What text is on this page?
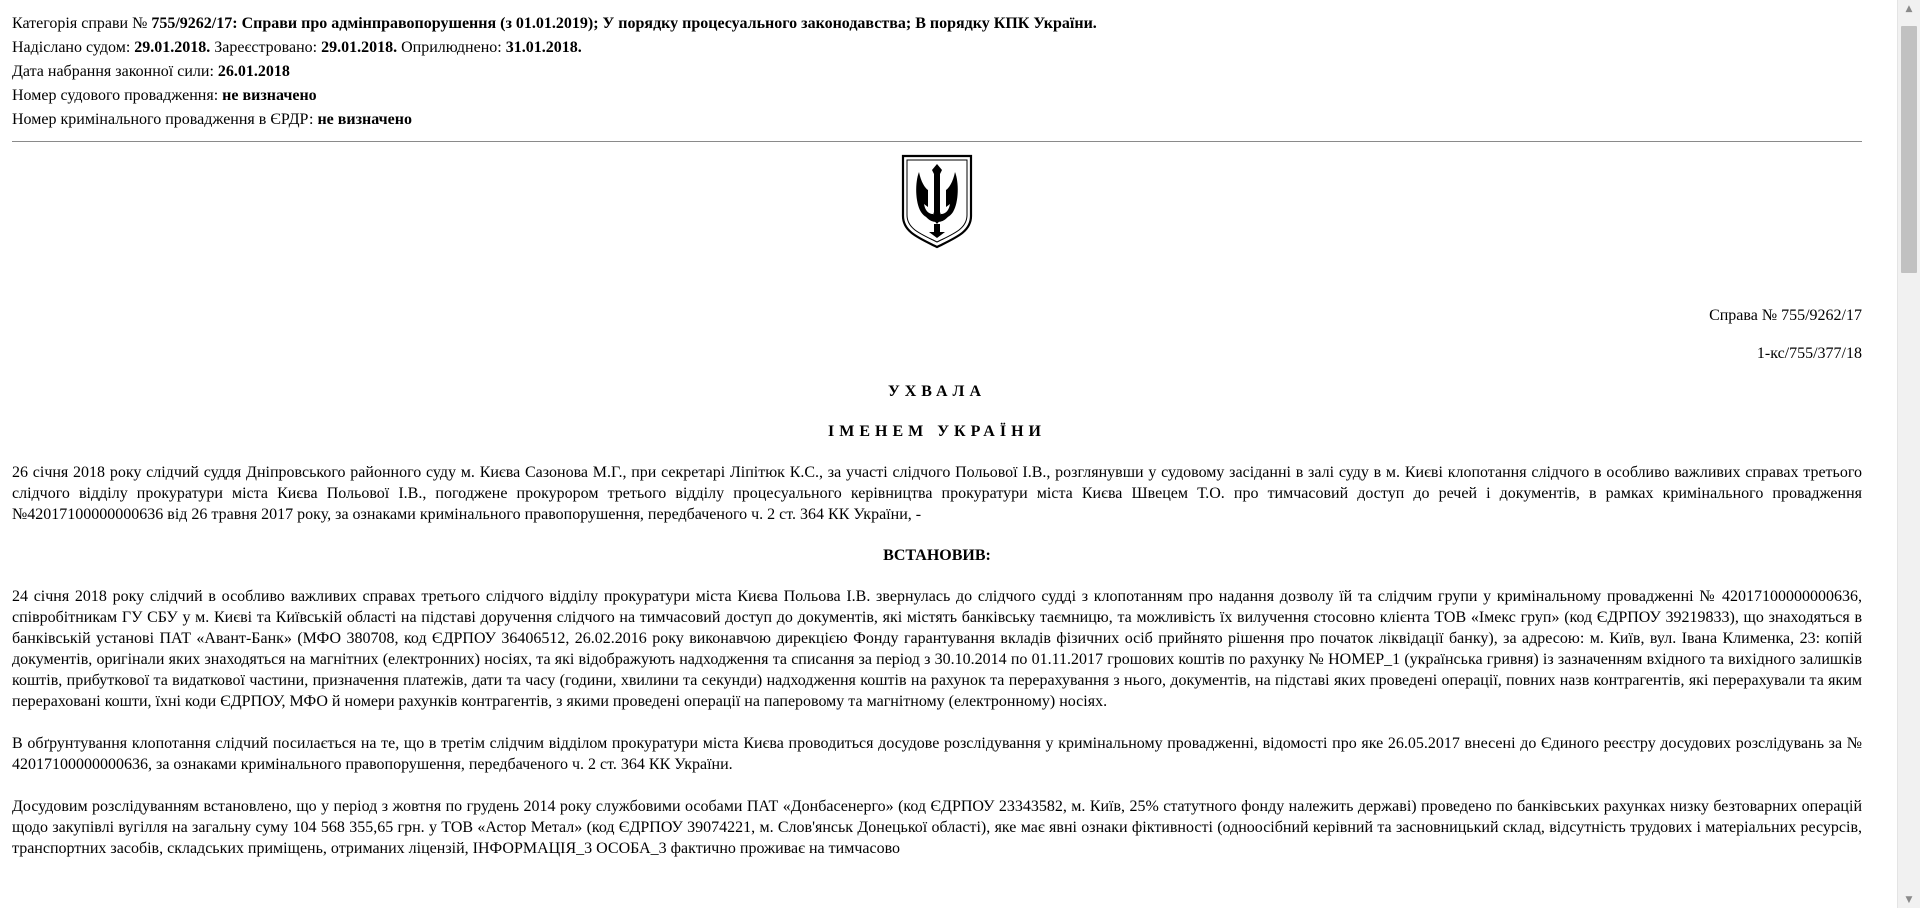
Категорія справи № 755/9262/17: Справи про адмінправопорушення (з 01.01.2019); У порядку процесуального законодавства; В порядку КПК України.
Надіслано судом: 29.01.2018. Зареєстровано: 29.01.2018. Оприлюднено: 31.01.2018.
Дата набрання законної сили: 26.01.2018
Номер судового провадження: не визначено
Номер кримінального провадження в ЄРДР: не визначено
Справа № 755/9262/17
1-кс/755/377/18
УХВАЛА
ІМЕНЕМ УКРАЇНИ

26 січня 2018 року слідчий суддя Дніпровського районного суду м. Києва Сазонова М.Г., при секретарі Ліпітюк К.С., за участі слідчого Польової І.В., розглянувши у судовому засіданні в залі суду в м. Києві клопотання слідчого в особливо важливих справах третього слідчого відділу прокуратури міста Києва Польової І.В., погоджене прокурором третього відділу процесуального керівництва прокуратури міста Києва Швецем Т.О. про тимчасовий доступ до речей і документів, в рамках кримінального провадження №42017100000000636 від 26 травня 2017 року, за ознаками кримінального правопорушення, передбаченого ч. 2 ст. 364 КК України, -

ВСТАНОВИВ:

24 січня 2018 року слідчий в особливо важливих справах третього слідчого відділу прокуратури міста Києва Польова І.В. звернулась до слідчого судді з клопотанням про надання дозволу їй та слідчим групи у кримінальному провадженні № 42017100000000636, співробітникам ГУ СБУ у м. Києві та Київській області на підставі доручення слідчого на тимчасовий доступ до документів, які містять банківську таємницю, та можливість їх вилучення стосовно клієнта ТОВ «Імекс груп» (код ЄДРПОУ 39219833), що знаходяться в банківській установі ПАТ «Авант-Банк» (МФО 380708, код ЄДРПОУ 36406512, 26.02.2016 року виконавчою дирекцією Фонду гарантування вкладів фізичних осіб прийнято рішення про початок ліквідації банку), за адресою: м. Київ, вул. Івана Клименка, 23: копій документів, оригінали яких знаходяться на магнітних (електронних) носіях, та які відображують надходження та списання за період з 30.10.2014 по 01.11.2017 грошових коштів по рахунку № НОМЕР_1 (українська гривня) із зазначенням вхідного та вихідного залишків коштів, прибуткової та видаткової частини, призначення платежів, дати та часу (години, хвилини та секунди) надходження коштів на рахунок та перерахування з нього, документів, на підставі яких проведені операції, повних назв контрагентів, які перерахували та яким перераховані кошти, їхні коди ЄДРПОУ, МФО й номери рахунків контрагентів, з якими проведені операції на паперовому та магнітному (електронному) носіях.

В обґрунтування клопотання слідчий посилається на те, що в третім слідчим відділом прокуратури міста Києва проводиться досудове розслідування у кримінальному провадженні, відомості про яке 26.05.2017 внесені до Єдиного реєстру досудових розслідувань за № 42017100000000636, за ознаками кримінального правопорушення, передбаченого ч. 2 ст. 364 КК України.

Досудовим розслідуванням встановлено, що у період з жовтня по грудень 2014 року службовими особами ПАТ «Донбасенерго» (код ЄДРПОУ 23343582, м. Київ, 25% статутного фонду належить державі) проведено по банківських рахунках низку безтоварних операцій щодо закупівлі вугілля на загальну суму 104 568 355,65 грн. у ТОВ «Астор Метал» (код ЄДРПОУ 39074221, м. Слов'янськ Донецької області), яке має явні ознаки фіктивності (одноосібний керівний та засновницький склад, відсутність трудових і матеріальних ресурсів, транспортних засобів, складських приміщень, отриманих ліцензій, ІНФОРМАЦІЯ_3 ОСОБА_3 фактично проживає на тимчасово

▲
▼
